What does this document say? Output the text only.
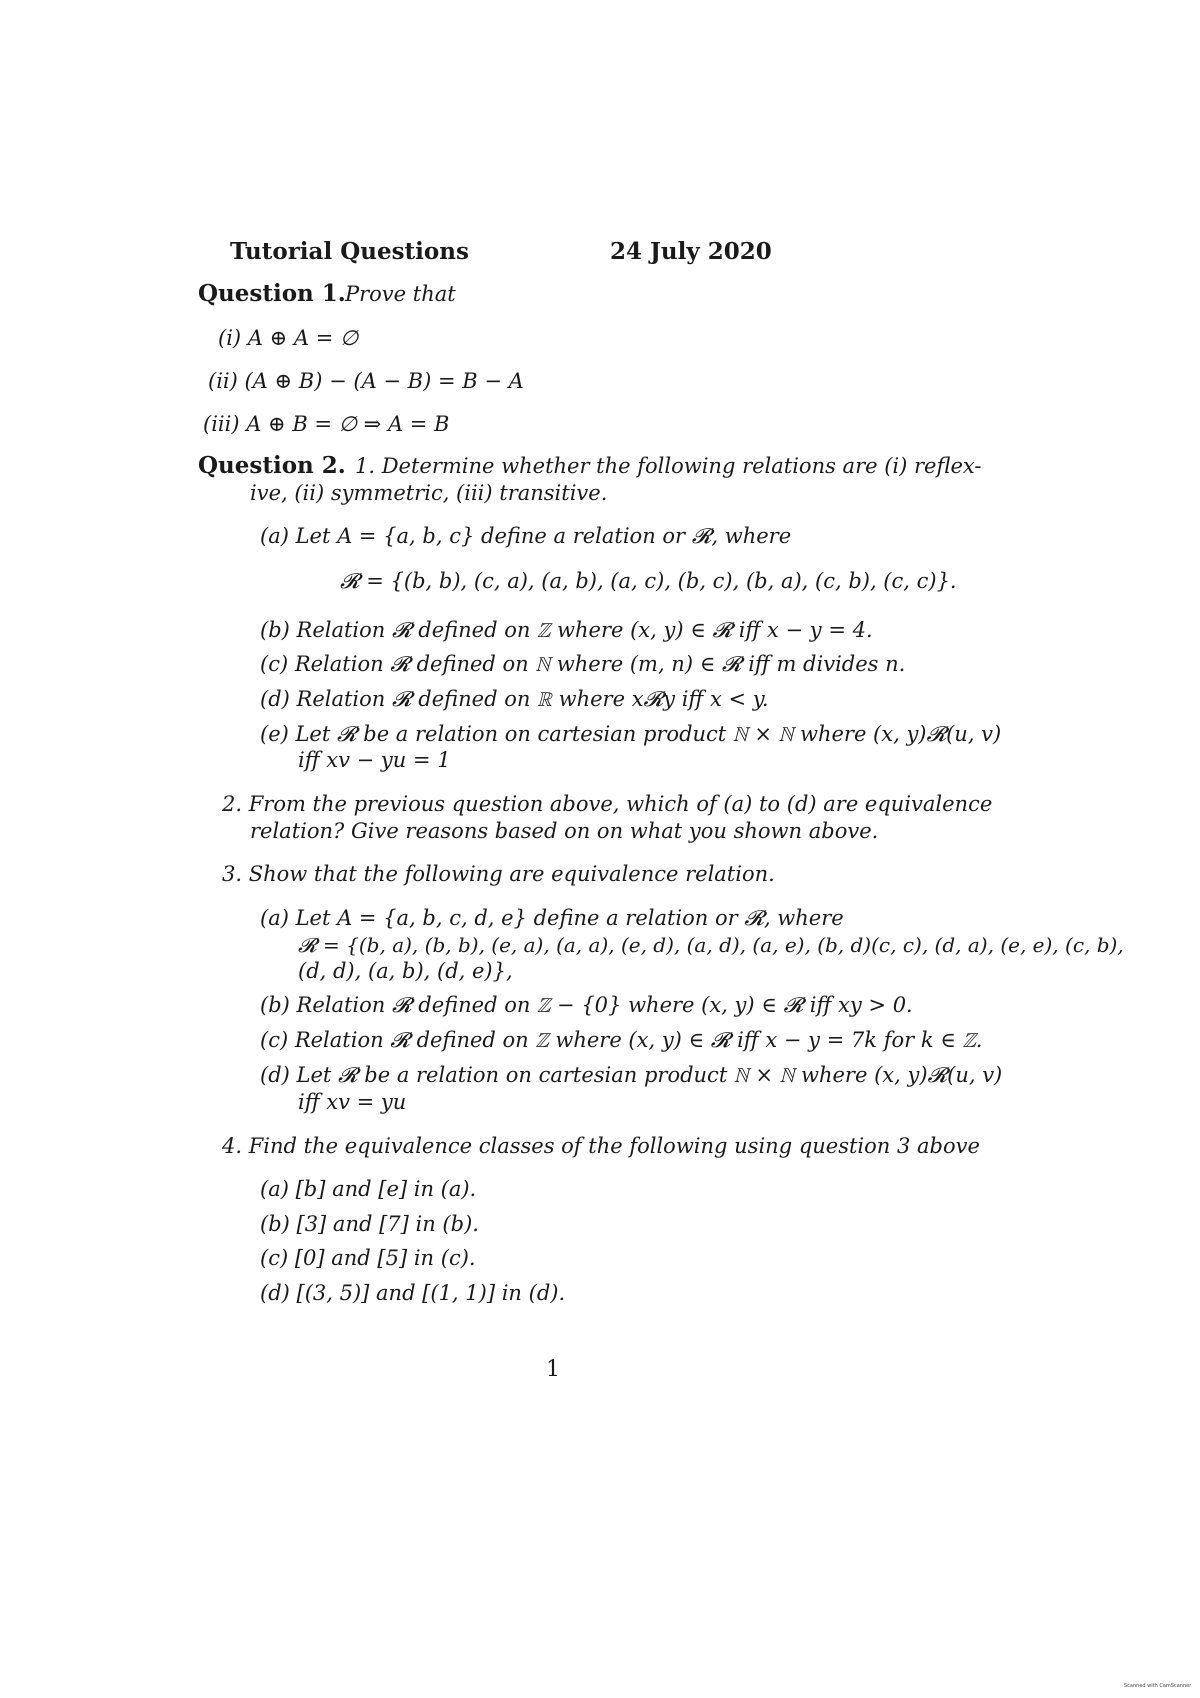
Tutorial Questions	24 July 2020
Question 1. Prove that
(i) A ⊕ A = ∅
(ii) (A ⊕ B) − (A − B) = B − A
(iii) A ⊕ B = ∅ ⇒ A = B
Question 2. 1. Determine whether the following relations are (i) reflex-
ive, (ii) symmetric, (iii) transitive.
(a) Let A = {a, b, c} define a relation or 𝓡, where
𝓡 = {(b, b), (c, a), (a, b), (a, c), (b, c), (b, a), (c, b), (c, c)}.
(b) Relation 𝓡 defined on ℤ where (x, y) ∈ 𝓡 iff x − y = 4.
(c) Relation 𝓡 defined on ℕ where (m, n) ∈ 𝓡 iff m divides n.
(d) Relation 𝓡 defined on ℝ where x𝓡y iff x < y.
(e) Let 𝓡 be a relation on cartesian product ℕ × ℕ where (x, y)𝓡(u, v)
iff xv − yu = 1
2. From the previous question above, which of (a) to (d) are equivalence
relation? Give reasons based on on what you shown above.
3. Show that the following are equivalence relation.
(a) Let A = {a, b, c, d, e} define a relation or 𝓡, where
𝓡 = {(b, a), (b, b), (e, a), (a, a), (e, d), (a, d), (a, e), (b, d)(c, c), (d, a), (e, e), (c, b),
(d, d), (a, b), (d, e)},
(b) Relation 𝓡 defined on ℤ − {0} where (x, y) ∈ 𝓡 iff xy > 0.
(c) Relation 𝓡 defined on ℤ where (x, y) ∈ 𝓡 iff x − y = 7k for k ∈ ℤ.
(d) Let 𝓡 be a relation on cartesian product ℕ × ℕ where (x, y)𝓡(u, v)
iff xv = yu
4. Find the equivalence classes of the following using question 3 above
(a) [b] and [e] in (a).
(b) [3] and [7] in (b).
(c) [0] and [5] in (c).
(d) [(3, 5)] and [(1, 1)] in (d).
1
Scanned with CamScanner
